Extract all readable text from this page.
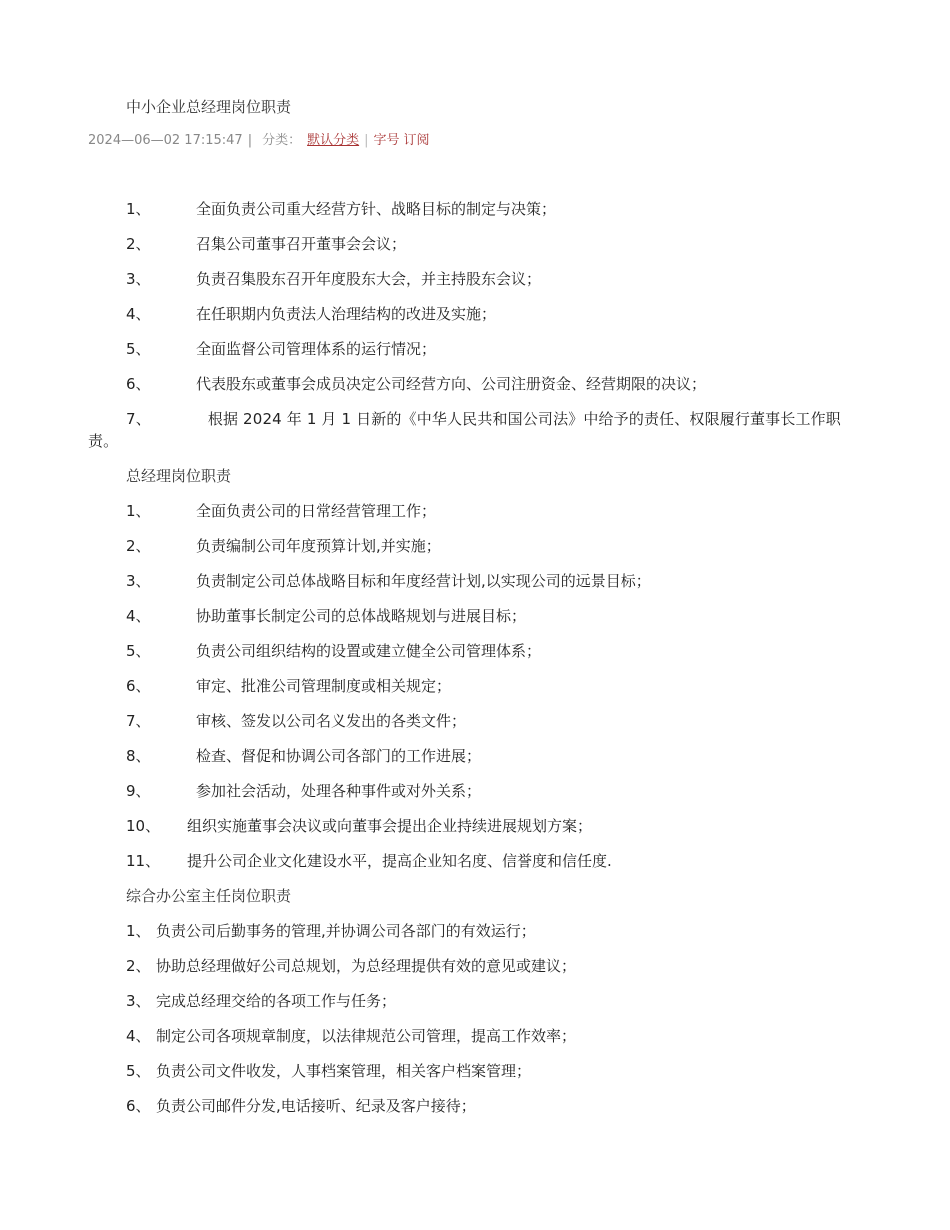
中小企业总经理岗位职责
2024—06—02 17:15:47 | 分类： 默认分类 | 字号 订阅
1、	全面负责公司重大经营方针、战略目标的制定与决策；
2、	召集公司董事召开董事会会议；
3、	负责召集股东召开年度股东大会，并主持股东会议；
4、	在任职期内负责法人治理结构的改进及实施；
5、	全面监督公司管理体系的运行情况；
6、	代表股东或董事会成员决定公司经营方向、公司注册资金、经营期限的决议；
7、	根据 2024 年 1 月 1 日新的《中华人民共和国公司法》中给予的责任、权限履行董事长工作职责。
总经理岗位职责
1、	全面负责公司的日常经营管理工作；
2、	负责编制公司年度预算计划,并实施；
3、	负责制定公司总体战略目标和年度经营计划,以实现公司的远景目标；
4、	协助董事长制定公司的总体战略规划与进展目标；
5、	负责公司组织结构的设置或建立健全公司管理体系；
6、	审定、批准公司管理制度或相关规定；
7、	审核、签发以公司名义发出的各类文件；
8、	检查、督促和协调公司各部门的工作进展；
9、	参加社会活动，处理各种事件或对外关系；
10、 组织实施董事会决议或向董事会提出企业持续进展规划方案；
11、 提升公司企业文化建设水平，提高企业知名度、信誉度和信任度.
综合办公室主任岗位职责
1、 负责公司后勤事务的管理,并协调公司各部门的有效运行；
2、 协助总经理做好公司总规划，为总经理提供有效的意见或建议；
3、 完成总经理交给的各项工作与任务；
4、 制定公司各项规章制度，以法律规范公司管理，提高工作效率；
5、 负责公司文件收发，人事档案管理，相关客户档案管理；
6、 负责公司邮件分发,电话接听、纪录及客户接待；
